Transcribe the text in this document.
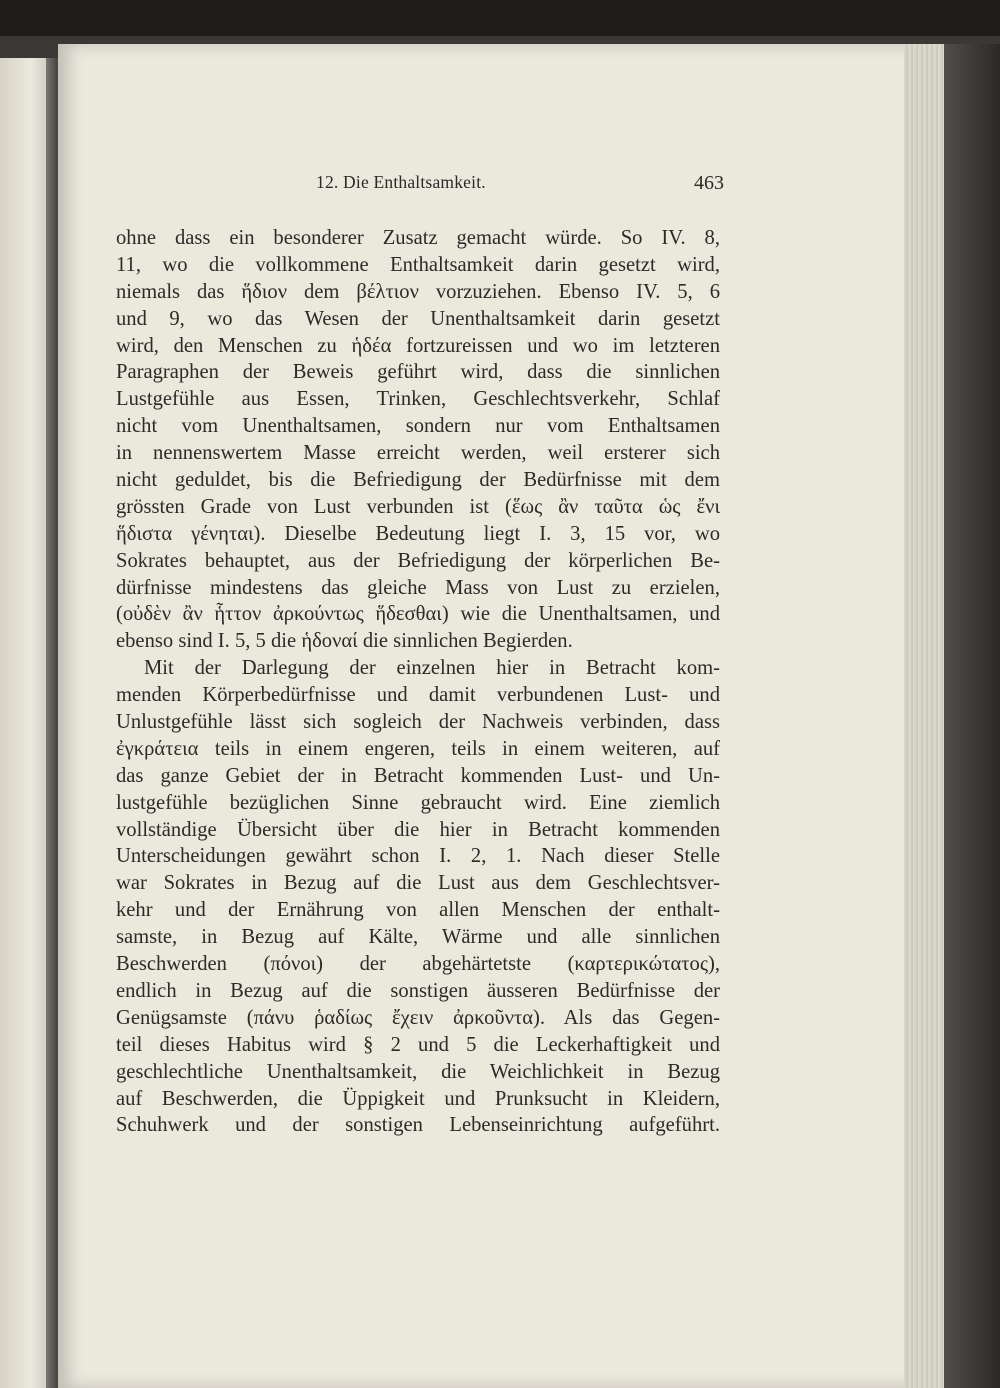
12. Die Enthaltsamkeit.	463
ohne dass ein besonderer Zusatz gemacht würde. So IV. 8,
11, wo die vollkommene Enthaltsamkeit darin gesetzt wird,
niemals das ἥδιον dem βέλτιον vorzuziehen. Ebenso IV. 5, 6
und 9, wo das Wesen der Unenthaltsamkeit darin gesetzt
wird, den Menschen zu ἡδέα fortzureissen und wo im letzteren
Paragraphen der Beweis geführt wird, dass die sinnlichen
Lustgefühle aus Essen, Trinken, Geschlechtsverkehr, Schlaf
nicht vom Unenthaltsamen, sondern nur vom Enthaltsamen
in nennenswertem Masse erreicht werden, weil ersterer sich
nicht geduldet, bis die Befriedigung der Bedürfnisse mit dem
grössten Grade von Lust verbunden ist (ἕως ἂν ταῦτα ὡς ἔνι
ἥδιστα γένηται). Dieselbe Bedeutung liegt I. 3, 15 vor, wo
Sokrates behauptet, aus der Befriedigung der körperlichen Be-
dürfnisse mindestens das gleiche Mass von Lust zu erzielen,
(οὐδὲν ἂν ἧττον ἀρκούντως ἥδεσθαι) wie die Unenthaltsamen, und
ebenso sind I. 5, 5 die ἡδοναί die sinnlichen Begierden.
Mit der Darlegung der einzelnen hier in Betracht kom-
menden Körperbedürfnisse und damit verbundenen Lust- und
Unlustgefühle lässt sich sogleich der Nachweis verbinden, dass
ἐγκράτεια teils in einem engeren, teils in einem weiteren, auf
das ganze Gebiet der in Betracht kommenden Lust- und Un-
lustgefühle bezüglichen Sinne gebraucht wird. Eine ziemlich
vollständige Übersicht über die hier in Betracht kommenden
Unterscheidungen gewährt schon I. 2, 1. Nach dieser Stelle
war Sokrates in Bezug auf die Lust aus dem Geschlechtsver-
kehr und der Ernährung von allen Menschen der enthalt-
samste, in Bezug auf Kälte, Wärme und alle sinnlichen
Beschwerden (πόνοι) der abgehärtetste (καρτερικώτατος),
endlich in Bezug auf die sonstigen äusseren Bedürfnisse der
Genügsamste (πάνυ ῥαδίως ἔχειν ἀρκοῦντα). Als das Gegen-
teil dieses Habitus wird § 2 und 5 die Leckerhaftigkeit und
geschlechtliche Unenthaltsamkeit, die Weichlichkeit in Bezug
auf Beschwerden, die Üppigkeit und Prunksucht in Kleidern,
Schuhwerk und der sonstigen Lebenseinrichtung aufgeführt.
